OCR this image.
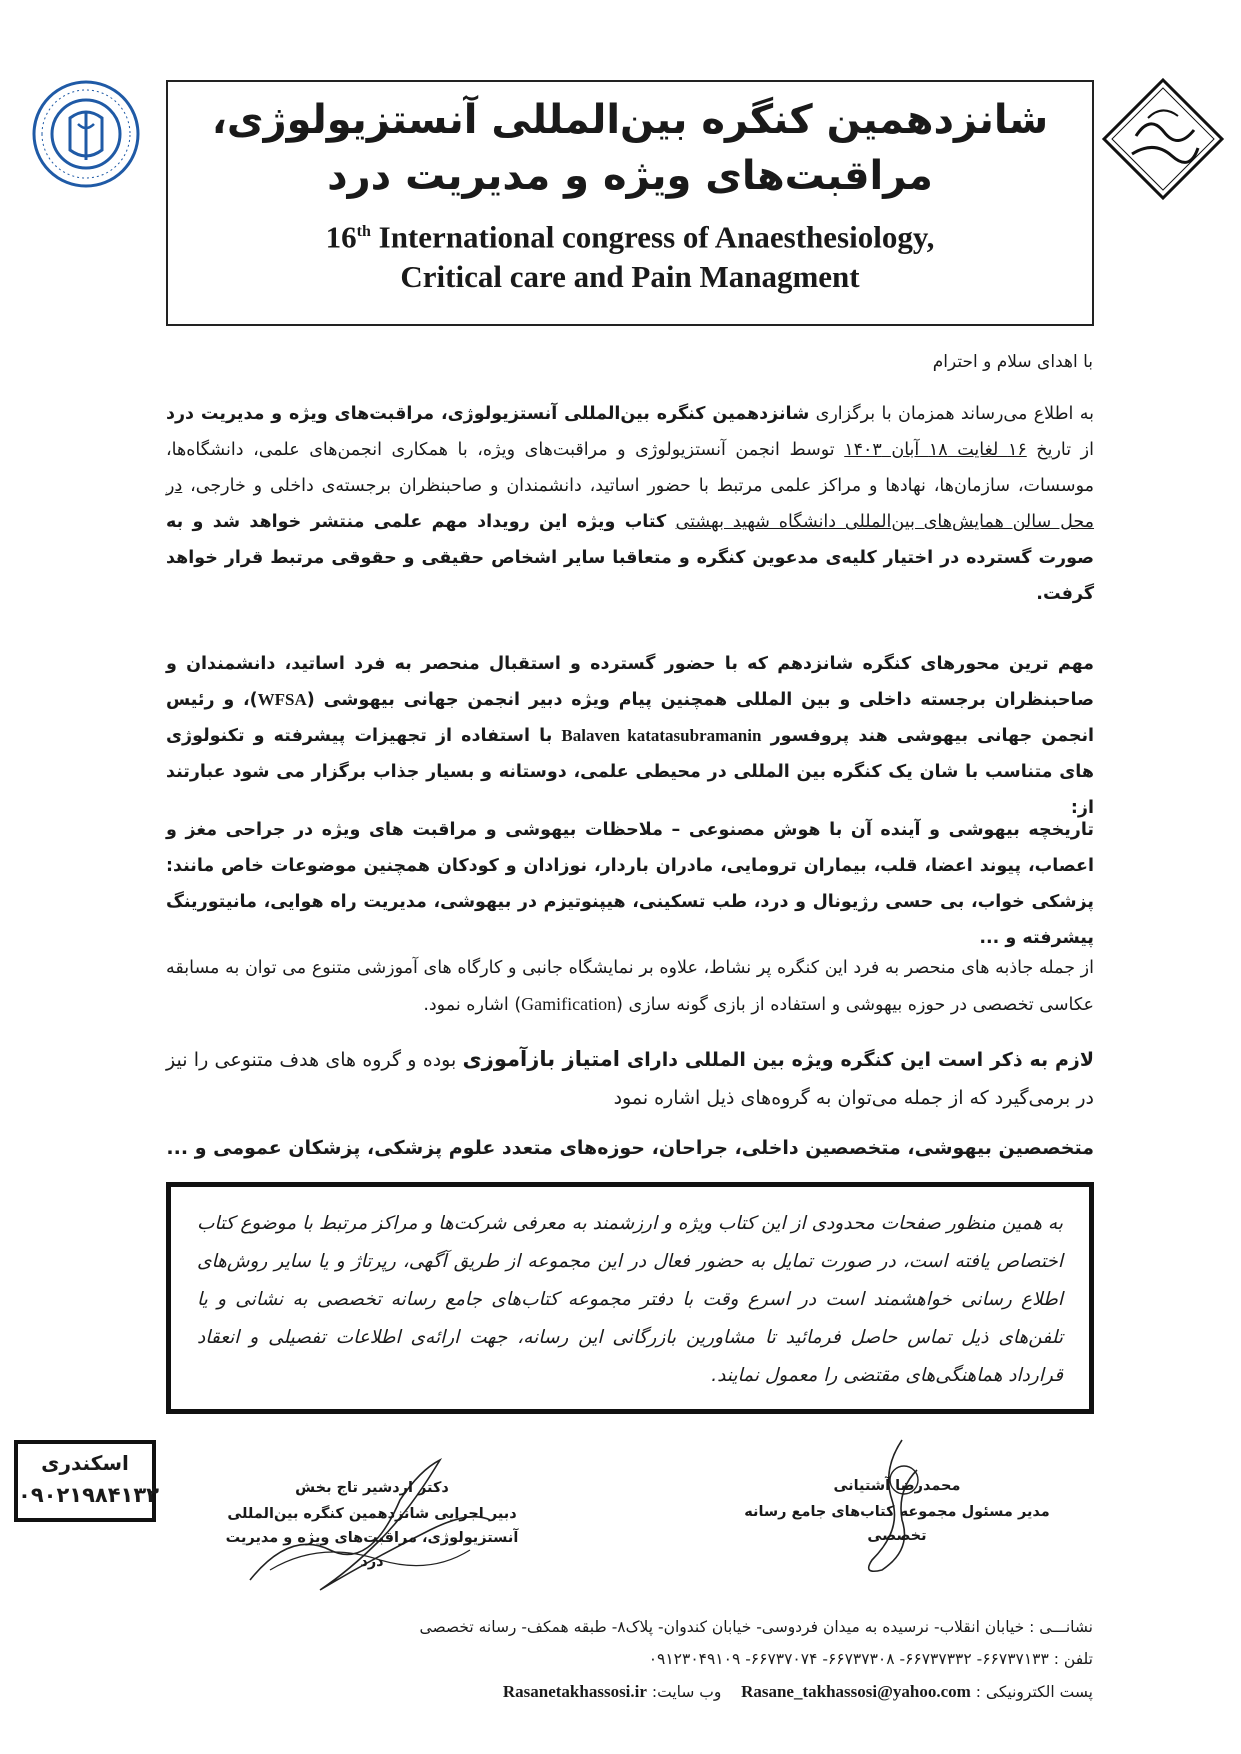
شانزدهمین کنگره بین‌المللی آنستزیولوژی،
مراقبت‌های ویژه و مدیریت درد
16th International congress of Anaesthesiology,
Critical care and Pain Managment
با اهدای سلام و احترام
به اطلاع می‌رساند همزمان با برگزاری شانزدهمین کنگره بین‌المللی آنستزیولوژی، مراقبت‌های ویژه و مدیریت درد از تاریخ ۱۶ لغایت ۱۸ آبان ۱۴۰۳ توسط انجمن آنستزیولوژی و مراقبت‌های ویژه، با همکاری انجمن‌های علمی، دانشگاه‌ها، موسسات، سازمان‌ها، نهادها و مراکز علمی مرتبط با حضور اساتید، دانشمندان و صاحبنظران برجسته‌ی داخلی و خارجی، در محل سالن همایش‌های بین‌المللی دانشگاه شهید بهشتی کتاب ویژه این رویداد مهم علمی منتشر خواهد شد و به صورت گسترده در اختیار کلیه‌ی مدعوین کنگره و متعاقبا سایر اشخاص حقیقی و حقوقی مرتبط قرار خواهد گرفت.
مهم ترین محورهای کنگره شانزدهم که با حضور گسترده و استقبال منحصر به فرد اساتید، دانشمندان و صاحبنظران برجسته داخلی و بین المللی همچنین پیام ویژه دبیر انجمن جهانی بیهوشی (WFSA)، و رئیس انجمن جهانی بیهوشی هند پروفسور Balaven katatasubramanin با استفاده از تجهیزات پیشرفته و تکنولوژی های متناسب با شان یک کنگره بین المللی در محیطی علمی، دوستانه و بسیار جذاب برگزار می شود عبارتند از:
تاریخچه بیهوشی و آینده آن با هوش مصنوعی – ملاحظات بیهوشی و مراقبت های ویژه در جراحی مغز و اعصاب، پیوند اعضا، قلب، بیماران ترومایی، مادران باردار، نوزادان و کودکان همچنین موضوعات خاص مانند: پزشکی خواب، بی حسی رژیونال و درد، طب تسکینی، هیپنوتیزم در بیهوشی، مدیریت راه هوایی، مانیتورینگ پیشرفته و ...
از جمله جاذبه های منحصر به فرد این کنگره پر نشاط، علاوه بر نمایشگاه جانبی و کارگاه های آموزشی متنوع می توان به مسابقه عکاسی تخصصی در حوزه بیهوشی و استفاده از بازی گونه سازی (Gamification) اشاره نمود.
لازم به ذکر است این کنگره ویژه بین المللی دارای امتیاز بازآموزی بوده و گروه های هدف متنوعی را نیز در برمی‌گیرد که از جمله می‌توان به گروه‌های ذیل اشاره نمود
متخصصین بیهوشی، متخصصین داخلی، جراحان، حوزه‌های متعدد علوم پزشکی، پزشکان عمومی و ...
به همین منظور صفحات محدودی از این کتاب ویژه و ارزشمند به معرفی شرکت‌ها و مراکز مرتبط با موضوع کتاب اختصاص یافته است، در صورت تمایل به حضور فعال در این مجموعه از طریق آگهی، رپرتاژ و یا سایر روش‌های اطلاع رسانی خواهشمند است در اسرع وقت با دفتر مجموعه کتاب‌های جامع رسانه تخصصی به نشانی و یا تلفن‌های ذیل تماس حاصل فرمائید تا مشاورین بازرگانی این رسانه، جهت ارائه‌ی اطلاعات تفصیلی و انعقاد قرارداد هماهنگی‌های مقتضی را معمول نمایند.
اسکندری
۰۹۰۲۱۹۸۴۱۳۳	دکتر اردشیر تاج بخش
دبیر اجرایی شانزدهمین کنگره بین‌المللی
آنستزیولوژی، مراقبت‌های ویژه و مدیریت درد
محمدرضا آشتیانی
مدیر مسئول مجموعه کتاب‌های جامع رسانه تخصصی
نشانـــی : خیابان انقلاب- نرسیده به میدان فردوسی- خیابان کندوان- پلاک۸- طبقه همکف- رسانه تخصصی
تلفن : ۶۶۷۳۷۱۳۳- ۶۶۷۳۷۳۳۲- ۶۶۷۳۷۳۰۸- ۶۶۷۳۷۰۷۴- ۰۹۱۲۳۰۴۹۱۰۹
پست الکترونیکی : Rasane_takhassosi@yahoo.com    وب سایت: Rasanetakhassosi.ir
